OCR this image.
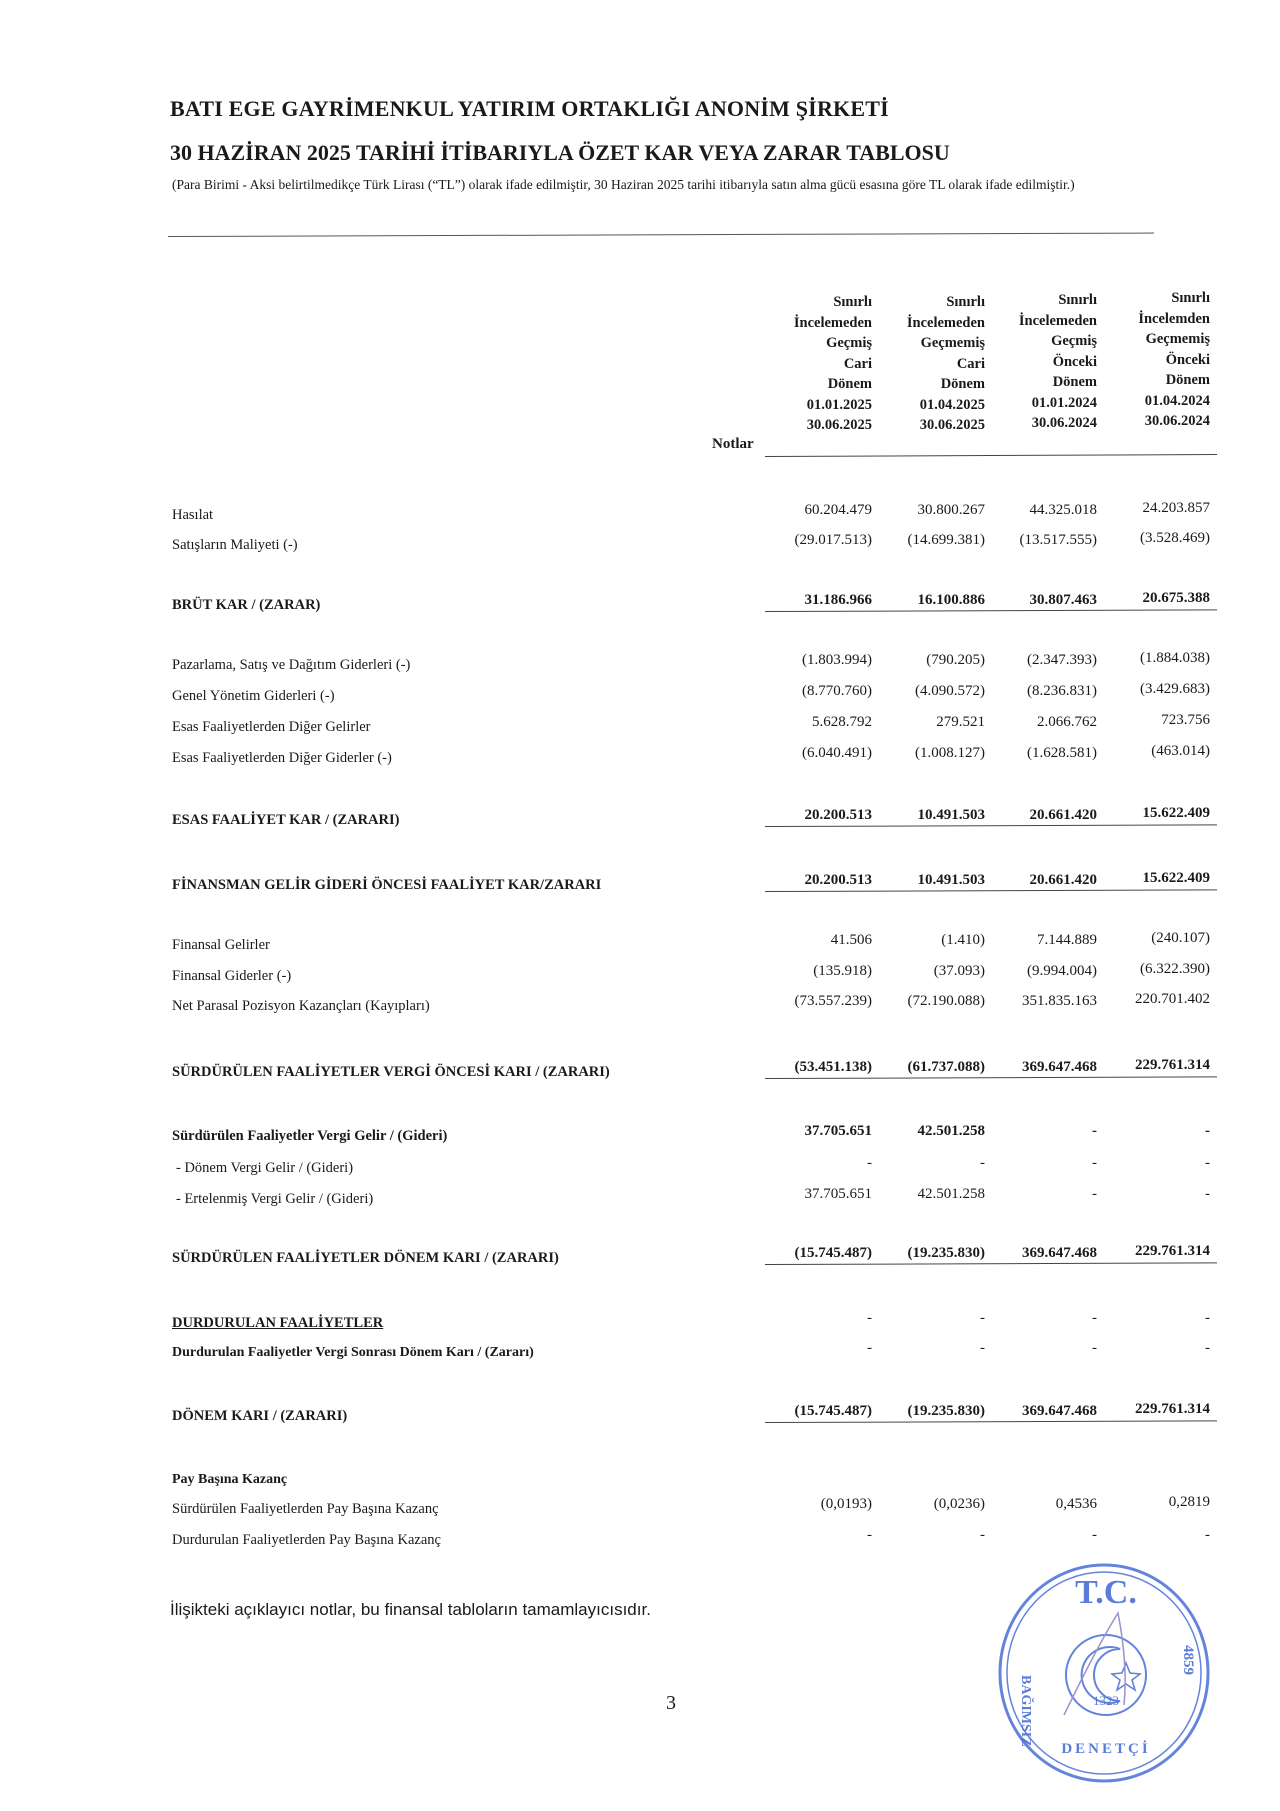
BATI EGE GAYRİMENKUL YATIRIM ORTAKLIĞI ANONİM ŞİRKETİ
30 HAZİRAN 2025 TARİHİ İTİBARIYLA ÖZET KAR VEYA ZARAR TABLOSU
(Para Birimi - Aksi belirtilmedikçe Türk Lirası (“TL”) olarak ifade edilmiştir, 30 Haziran 2025 tarihi itibarıyla satın alma gücü esasına göre TL olarak ifade edilmiştir.)
Sınırlı
İncelemeden
Geçmiş
Cari
Dönem
01.01.2025
30.06.2025
Sınırlı
İncelemeden
Geçmemiş
Cari
Dönem
01.04.2025
30.06.2025
Sınırlı
İncelemeden
Geçmiş
Önceki
Dönem
01.01.2024
30.06.2024
Sınırlı
İncelemden
Geçmemiş
Önceki
Dönem
01.04.2024
30.06.2024
Notlar
Hasılat	60.204.479	30.800.267	44.325.018	24.203.857
Satışların Maliyeti (-)	(29.017.513)	(14.699.381)	(13.517.555)	(3.528.469)
BRÜT KAR / (ZARAR)	31.186.966	16.100.886	30.807.463	20.675.388
Pazarlama, Satış ve Dağıtım Giderleri (-)	(1.803.994)	(790.205)	(2.347.393)	(1.884.038)
Genel Yönetim Giderleri (-)	(8.770.760)	(4.090.572)	(8.236.831)	(3.429.683)
Esas Faaliyetlerden Diğer Gelirler	5.628.792	279.521	2.066.762	723.756
Esas Faaliyetlerden Diğer Giderler (-)	(6.040.491)	(1.008.127)	(1.628.581)	(463.014)
ESAS FAALİYET KAR / (ZARARI)	20.200.513	10.491.503	20.661.420	15.622.409
FİNANSMAN GELİR GİDERİ ÖNCESİ FAALİYET KAR/ZARARI	20.200.513	10.491.503	20.661.420	15.622.409
Finansal Gelirler	41.506	(1.410)	7.144.889	(240.107)
Finansal Giderler (-)	(135.918)	(37.093)	(9.994.004)	(6.322.390)
Net Parasal Pozisyon Kazançları (Kayıpları)	(73.557.239)	(72.190.088)	351.835.163	220.701.402
SÜRDÜRÜLEN FAALİYETLER VERGİ ÖNCESİ KARI / (ZARARI)	(53.451.138)	(61.737.088)	369.647.468	229.761.314
Sürdürülen Faaliyetler Vergi Gelir / (Gideri)	37.705.651	42.501.258	-	-
- Dönem Vergi Gelir / (Gideri)	-	-	-	-
- Ertelenmiş Vergi Gelir / (Gideri)	37.705.651	42.501.258	-	-
SÜRDÜRÜLEN FAALİYETLER DÖNEM KARI / (ZARARI)	(15.745.487)	(19.235.830)	369.647.468	229.761.314
DURDURULAN FAALİYETLER	-	-	-	-
Durdurulan Faaliyetler Vergi Sonrası Dönem Karı / (Zararı)	-	-	-	-
DÖNEM KARI / (ZARARI)	(15.745.487)	(19.235.830)	369.647.468	229.761.314
Pay Başına Kazanç
Sürdürülen Faaliyetlerden Pay Başına Kazanç	(0,0193)	(0,0236)	0,4536	0,2819
Durdurulan Faaliyetlerden Pay Başına Kazanç	-	-	-	-
İlişikteki açıklayıcı notlar, bu finansal tabloların tamamlayıcısıdır.
3
T.C.
BAĞIMSIZ
DENETÇİ
4859
1323
